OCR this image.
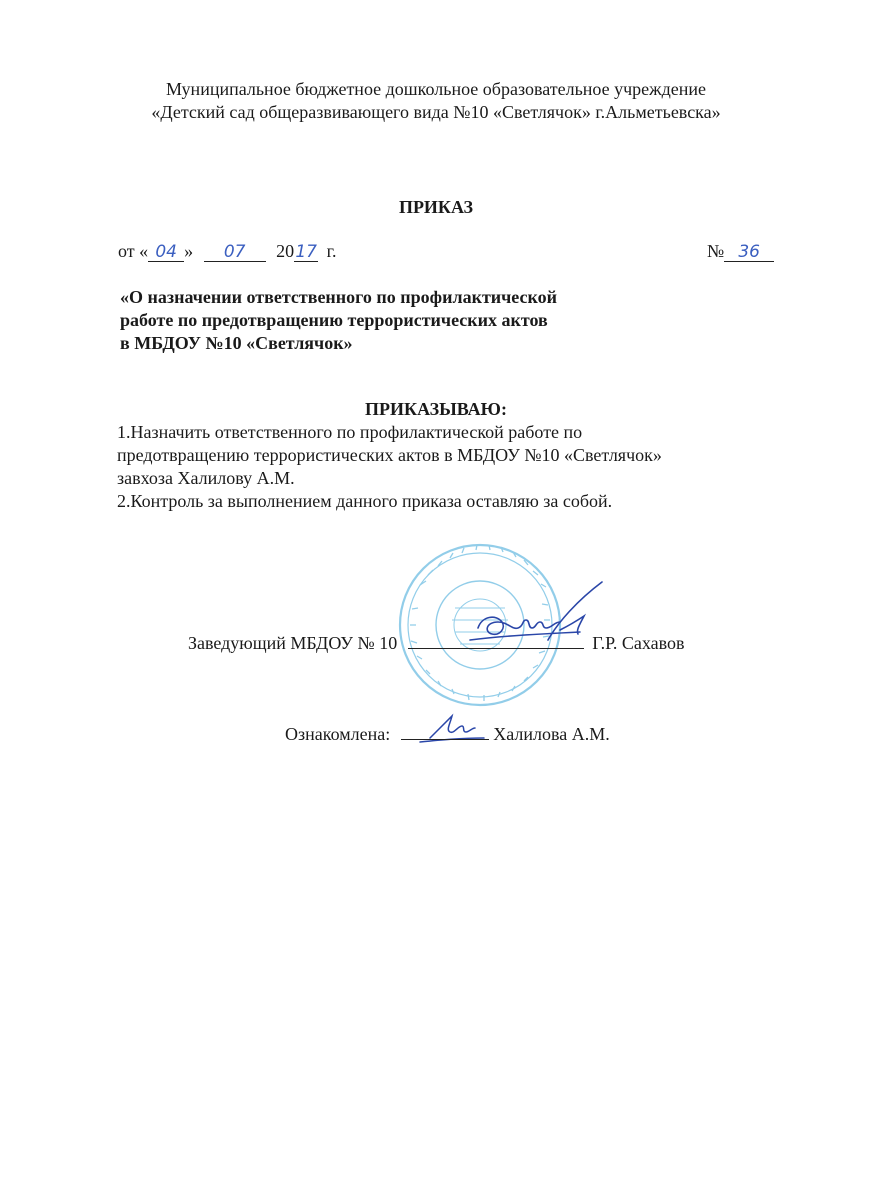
Муниципальное бюджетное дошкольное образовательное учреждение
«Детский сад общеразвивающего вида №10 «Светлячок» г.Альметьевска»
ПРИКАЗ
от « 04 » 07 2017 г.	№ 36
«О назначении ответственного по профилактической
работе по предотвращению террористических актов
в МБДОУ №10 «Светлячок»
ПРИКАЗЫВАЮ:
1.Назначить ответственного по профилактической работе по
предотвращению террористических актов в МБДОУ №10 «Светлячок»
завхоза Халилову А.М.
2.Контроль за выполнением данного приказа оставляю за собой.
Заведующий МБДОУ № 10	Г.Р. Сахавов
Ознакомлена:	Халилова А.М.
